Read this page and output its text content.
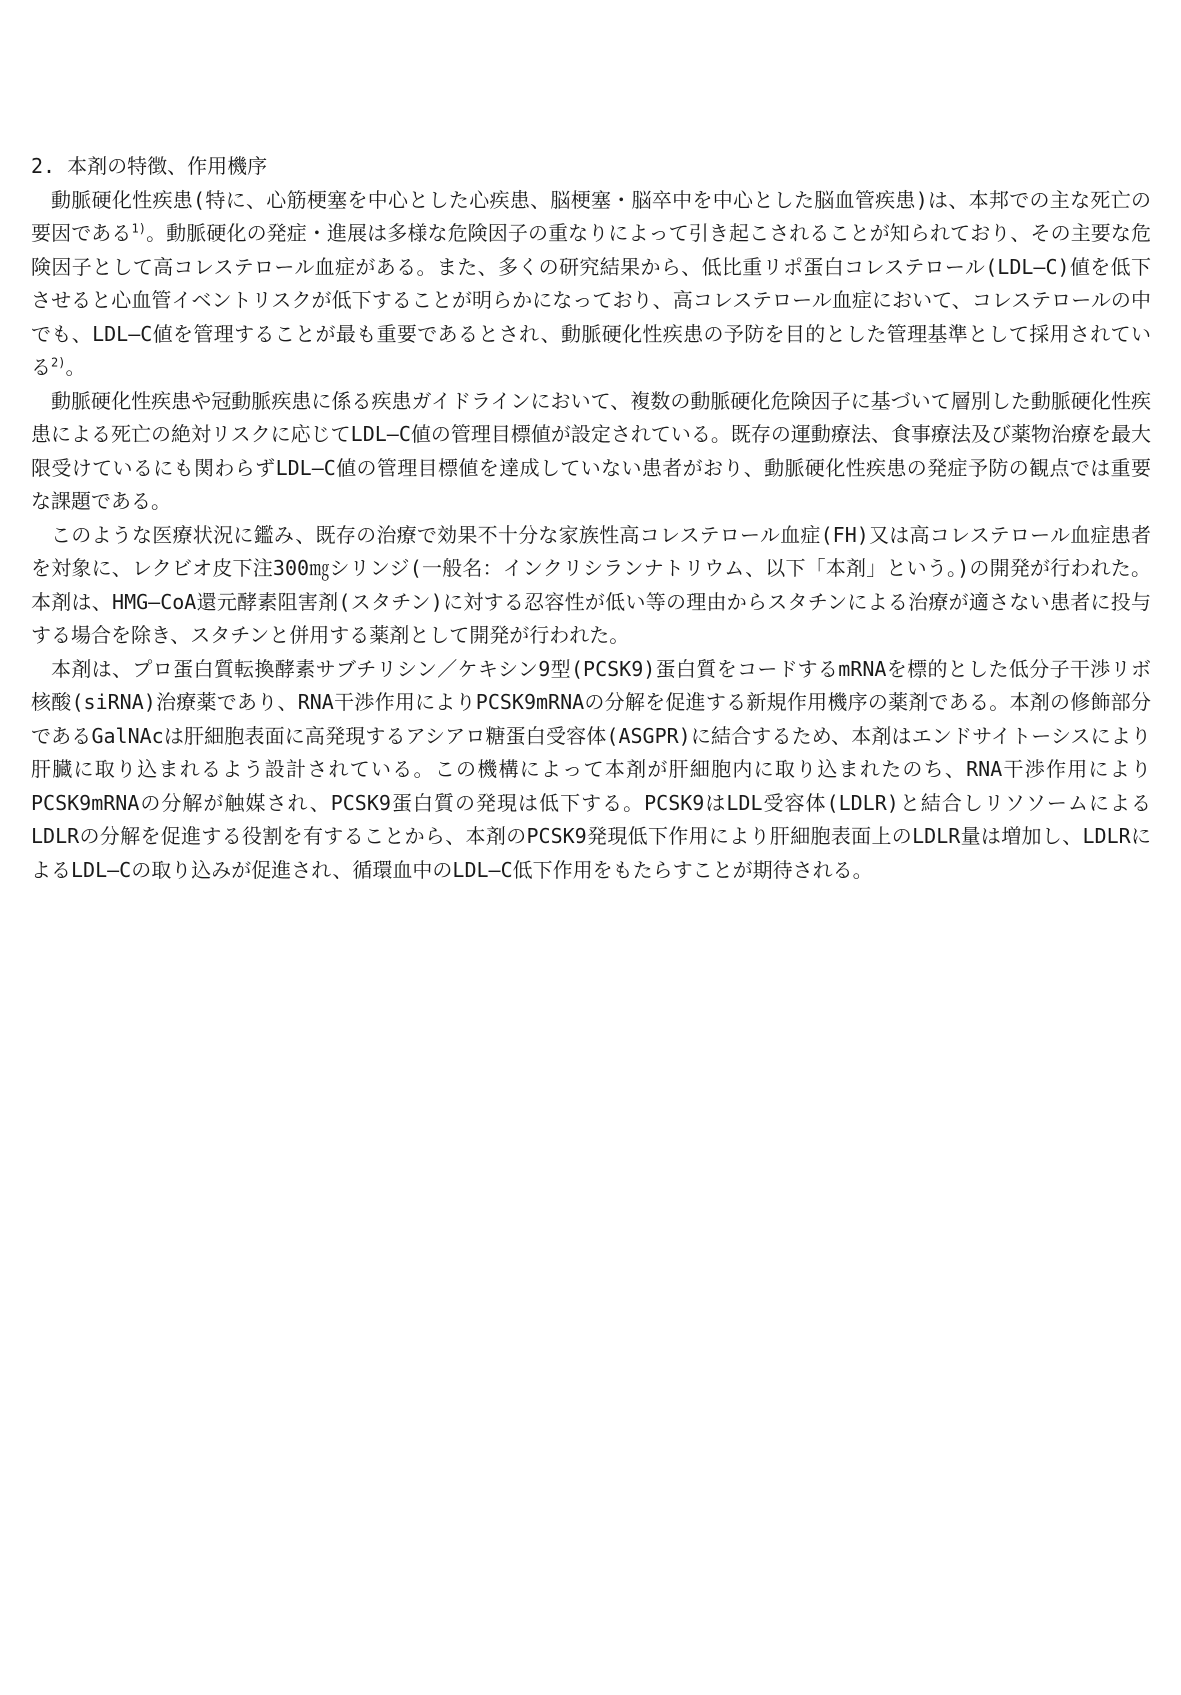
2. 本剤の特徴、作用機序

動脈硬化性疾患(特に、心筋梗塞を中心とした心疾患、脳梗塞・脳卒中を中心とした脳血管疾患)は、本邦での主な死亡の要因である$^{1)}$。動脈硬化の発症・進展は多様な危険因子の重なりによって引き起こされることが知られており、その主要な危険因子として高コレステロール血症がある。また、多くの研究結果から、低比重リポ蛋白コレステロール(LDL―C)値を低下させると心血管イベントリスクが低下することが明らかになっており、高コレステロール血症において、コレステロールの中でも、LDL―C値を管理することが最も重要であるとされ、動脈硬化性疾患の予防を目的とした管理基準として採用されている$^{2)}$。

動脈硬化性疾患や冠動脈疾患に係る疾患ガイドラインにおいて、複数の動脈硬化危険因子に基づいて層別した動脈硬化性疾患による死亡の絶対リスクに応じてLDL―C値の管理目標値が設定されている。既存の運動療法、食事療法及び薬物治療を最大限受けているにも関わらずLDL―C値の管理目標値を達成していない患者がおり、動脈硬化性疾患の発症予防の観点では重要な課題である。

このような医療状況に鑑み、既存の治療で効果不十分な家族性高コレステロール血症(FH)又は高コレステロール血症患者を対象に、レクビオ皮下注300㎎シリンジ(一般名：インクリシランナトリウム、以下「本剤」という。)の開発が行われた。本剤は、HMG―CoA還元酵素阻害剤(スタチン)に対する忍容性が低い等の理由からスタチンによる治療が適さない患者に投与する場合を除き、スタチンと併用する薬剤として開発が行われた。

本剤は、プロ蛋白質転換酵素サブチリシン／ケキシン9型(PCSK9)蛋白質をコードするmRNAを標的とした低分子干渉リボ核酸(siRNA)治療薬であり、RNA干渉作用によりPCSK9mRNAの分解を促進する新規作用機序の薬剤である。本剤の修飾部分であるGalNAcは肝細胞表面に高発現するアシアロ糖蛋白受容体(ASGPR)に結合するため、本剤はエンドサイトーシスにより肝臓に取り込まれるよう設計されている。この機構によって本剤が肝細胞内に取り込まれたのち、RNA干渉作用によりPCSK9mRNAの分解が触媒され、PCSK9蛋白質の発現は低下する。PCSK9はLDL受容体(LDLR)と結合しリソソームによるLDLRの分解を促進する役割を有することから、本剤のPCSK9発現低下作用により肝細胞表面上のLDLR量は増加し、LDLRによるLDL―Cの取り込みが促進され、循環血中のLDL―C低下作用をもたらすことが期待される。
